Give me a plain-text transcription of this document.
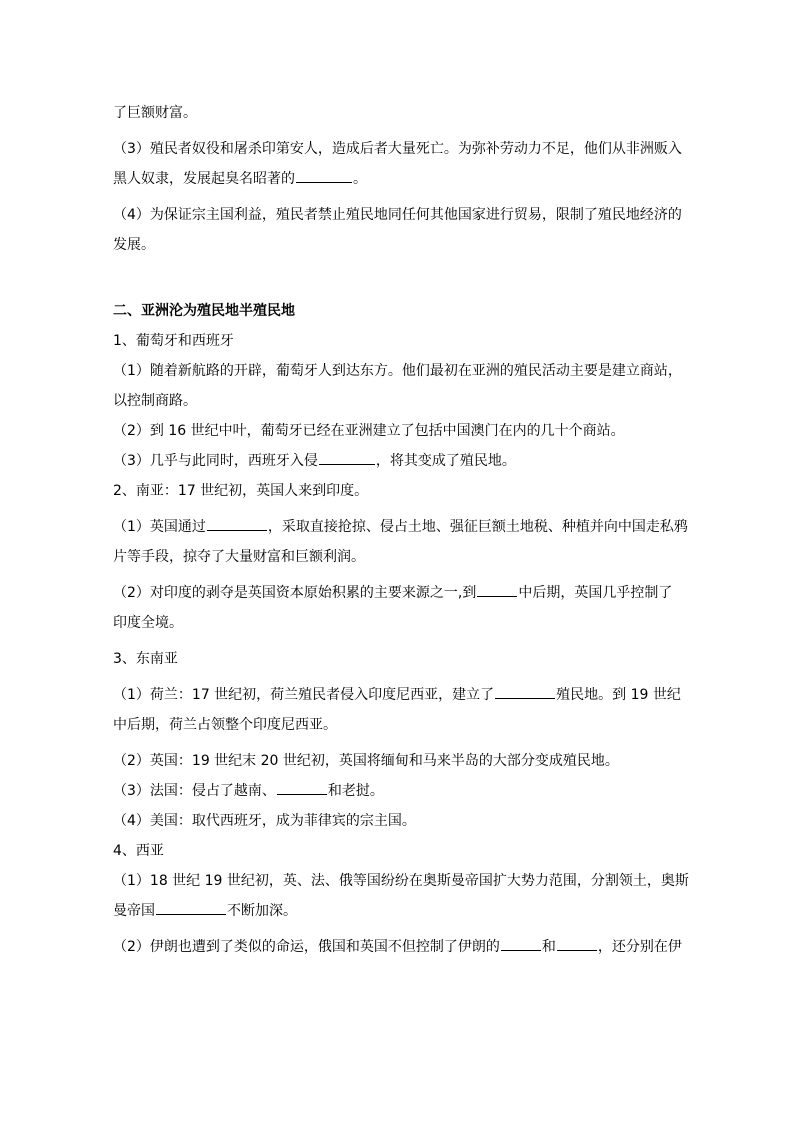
了巨额财富。

（3）殖民者奴役和屠杀印第安人，造成后者大量死亡。为弥补劳动力不足，他们从非洲贩入

黑人奴隶，发展起臭名昭著的	。

（4）为保证宗主国利益，殖民者禁止殖民地同任何其他国家进行贸易，限制了殖民地经济的

发展。

二、亚洲沦为殖民地半殖民地

1、葡萄牙和西班牙

（1）随着新航路的开辟，葡萄牙人到达东方。他们最初在亚洲的殖民活动主要是建立商站，

以控制商路。

（2）到 16 世纪中叶，葡萄牙已经在亚洲建立了包括中国澳门在内的几十个商站。

（3）几乎与此同时，西班牙入侵	，将其变成了殖民地。

2、南亚：17 世纪初，英国人来到印度。

（1）英国通过	，采取直接抢掠、侵占土地、强征巨额土地税、种植并向中国走私鸦

片等手段，掠夺了大量财富和巨额利润。

（2）对印度的剥夺是英国资本原始积累的主要来源之一,到	中后期，英国几乎控制了

印度全境。

3、东南亚

（1）荷兰：17 世纪初，荷兰殖民者侵入印度尼西亚，建立了	殖民地。到 19 世纪

中后期，荷兰占领整个印度尼西亚。

（2）英国：19 世纪末 20 世纪初，英国将缅甸和马来半岛的大部分变成殖民地。

（3）法国：侵占了越南、	和老挝。

（4）美国：取代西班牙，成为菲律宾的宗主国。

4、西亚

（1）18 世纪 19 世纪初，英、法、俄等国纷纷在奥斯曼帝国扩大势力范围，分割领土，奥斯

曼帝国	不断加深。

（2）伊朗也遭到了类似的命运，俄国和英国不但控制了伊朗的	和	，还分别在伊
